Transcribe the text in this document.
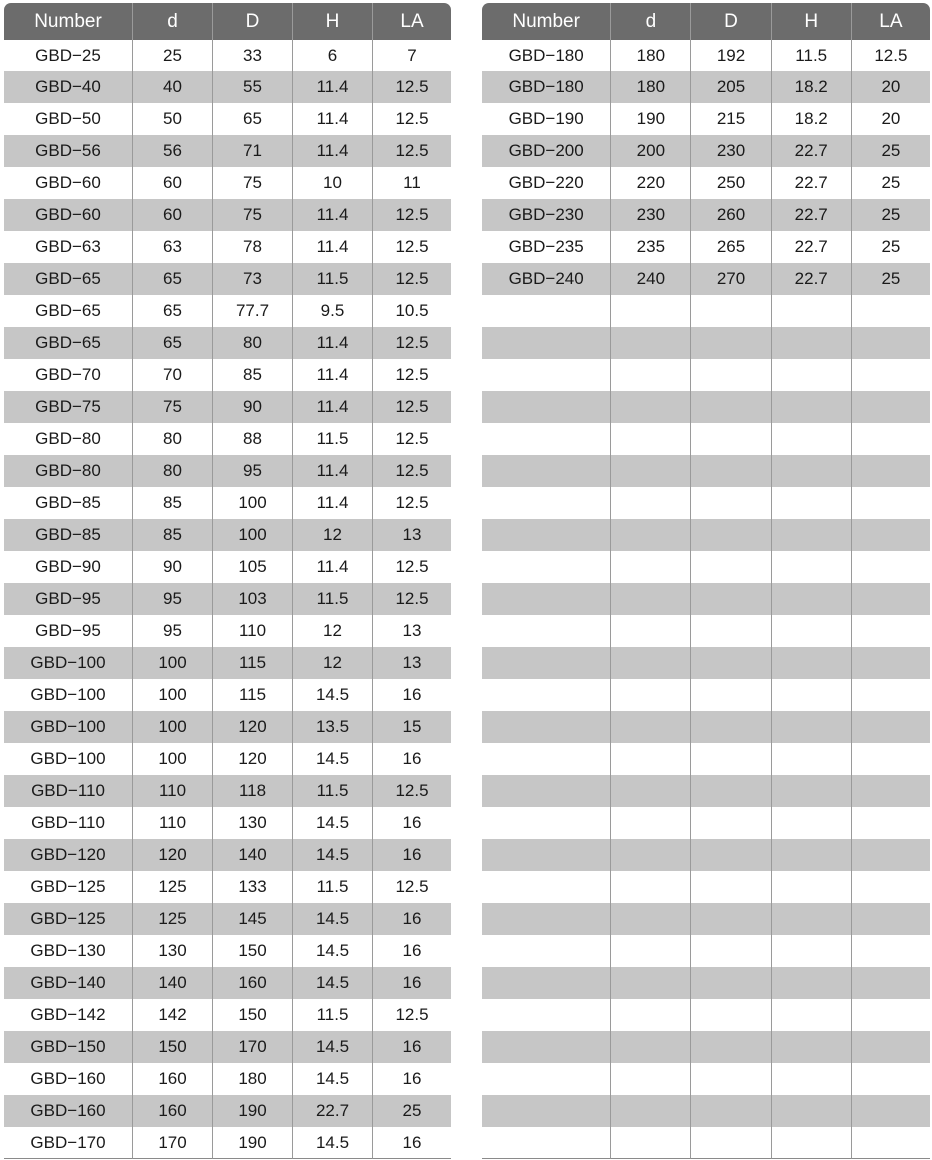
Number	d	D	H	LA
GBD−25	25	33	6	7
GBD−40	40	55	11.4	12.5
GBD−50	50	65	11.4	12.5
GBD−56	56	71	11.4	12.5
GBD−60	60	75	10	11
GBD−60	60	75	11.4	12.5
GBD−63	63	78	11.4	12.5
GBD−65	65	73	11.5	12.5
GBD−65	65	77.7	9.5	10.5
GBD−65	65	80	11.4	12.5
GBD−70	70	85	11.4	12.5
GBD−75	75	90	11.4	12.5
GBD−80	80	88	11.5	12.5
GBD−80	80	95	11.4	12.5
GBD−85	85	100	11.4	12.5
GBD−85	85	100	12	13
GBD−90	90	105	11.4	12.5
GBD−95	95	103	11.5	12.5
GBD−95	95	110	12	13
GBD−100	100	115	12	13
GBD−100	100	115	14.5	16
GBD−100	100	120	13.5	15
GBD−100	100	120	14.5	16
GBD−110	110	118	11.5	12.5
GBD−110	110	130	14.5	16
GBD−120	120	140	14.5	16
GBD−125	125	133	11.5	12.5
GBD−125	125	145	14.5	16
GBD−130	130	150	14.5	16
GBD−140	140	160	14.5	16
GBD−142	142	150	11.5	12.5
GBD−150	150	170	14.5	16
GBD−160	160	180	14.5	16
GBD−160	160	190	22.7	25
GBD−170	170	190	14.5	16
Number	d	D	H	LA
GBD−180	180	192	11.5	12.5
GBD−180	180	205	18.2	20
GBD−190	190	215	18.2	20
GBD−200	200	230	22.7	25
GBD−220	220	250	22.7	25
GBD−230	230	260	22.7	25
GBD−235	235	265	22.7	25
GBD−240	240	270	22.7	25
